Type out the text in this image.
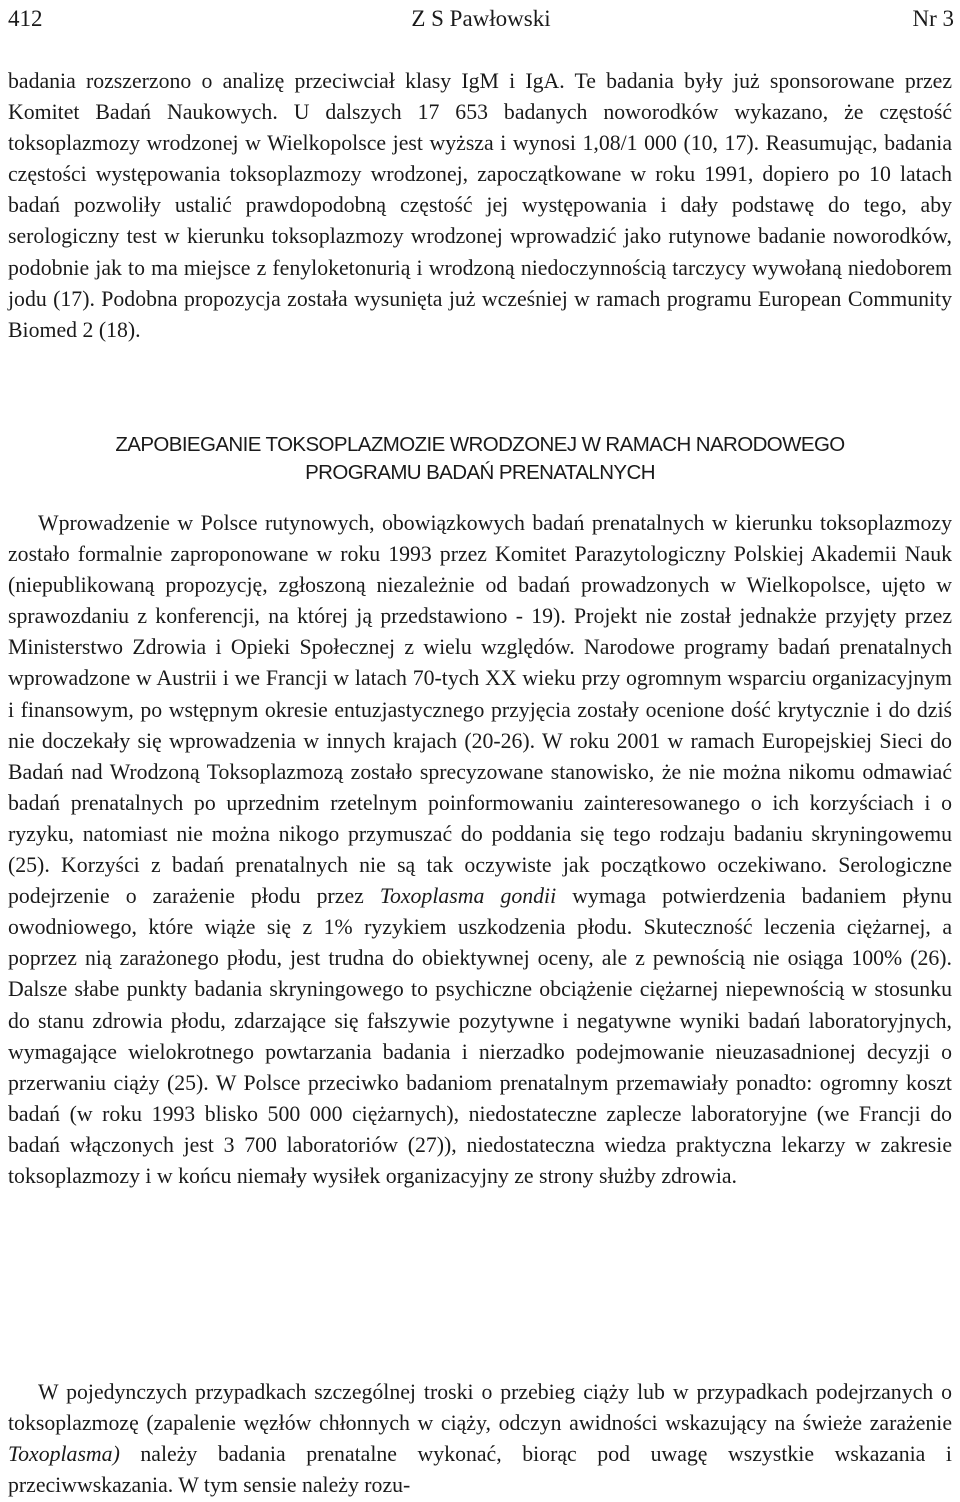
412	Z S Pawłowski	Nr 3

badania rozszerzono o analizę przeciwciał klasy IgM i IgA. Te badania były już sponsorowane przez Komitet Badań Naukowych. U dalszych 17 653 badanych noworodków wykazano, że częstość toksoplazmozy wrodzonej w Wielkopolsce jest wyższa i wynosi 1,08/1 000 (10, 17). Reasumując, badania częstości występowania toksoplazmozy wrodzonej, zapoczątkowane w roku 1991, dopiero po 10 latach badań pozwoliły ustalić prawdopodobną częstość jej występowania i dały podstawę do tego, aby serologiczny test w kierunku toksoplazmozy wrodzonej wprowadzić jako rutynowe badanie noworodków, podobnie jak to ma miejsce z fenyloketonurią i wrodzoną niedoczynnością tarczycy wywołaną niedoborem jodu (17). Podobna propozycja została wysunięta już wcześniej w ramach programu European Community Biomed 2 (18).

ZAPOBIEGANIE TOKSOPLAZMOZIE WRODZONEJ W RAMACH NARODOWEGO
PROGRAMU BADAŃ PRENATALNYCH

Wprowadzenie w Polsce rutynowych, obowiązkowych badań prenatalnych w kierunku toksoplazmozy zostało formalnie zaproponowane w roku 1993 przez Komitet Parazytologiczny Polskiej Akademii Nauk (niepublikowaną propozycję, zgłoszoną niezależnie od badań prowadzonych w Wielkopolsce, ujęto w sprawozdaniu z konferencji, na której ją przedstawiono - 19). Projekt nie został jednakże przyjęty przez Ministerstwo Zdrowia i Opieki Społecznej z wielu względów. Narodowe programy badań prenatalnych wprowadzone w Austrii i we Francji w latach 70-tych XX wieku przy ogromnym wsparciu organizacyjnym i finansowym, po wstępnym okresie entuzjastycznego przyjęcia zostały ocenione dość krytycznie i do dziś nie doczekały się wprowadzenia w innych krajach (20-26). W roku 2001 w ramach Europejskiej Sieci do Badań nad Wrodzoną Toksoplazmozą zostało sprecyzowane stanowisko, że nie można nikomu odmawiać badań prenatalnych po uprzednim rzetelnym poinformowaniu zainteresowanego o ich korzyściach i o ryzyku, natomiast nie można nikogo przymuszać do poddania się tego rodzaju badaniu skryningowemu (25). Korzyści z badań prenatalnych nie są tak oczywiste jak początkowo oczekiwano. Serologiczne podejrzenie o zarażenie płodu przez Toxoplasma gondii wymaga potwierdzenia badaniem płynu owodniowego, które wiąże się z 1% ryzykiem uszkodzenia płodu. Skuteczność leczenia ciężarnej, a poprzez nią zarażonego płodu, jest trudna do obiektywnej oceny, ale z pewnością nie osiąga 100% (26). Dalsze słabe punkty badania skryningowego to psychiczne obciążenie ciężarnej niepewnością w stosunku do stanu zdrowia płodu, zdarzające się fałszywie pozytywne i negatywne wyniki badań laboratoryjnych, wymagające wielokrotnego powtarzania badania i nierzadko podejmowanie nieuzasadnionej decyzji o przerwaniu ciąży (25). W Polsce przeciwko badaniom prenatalnym przemawiały ponadto: ogromny koszt badań (w roku 1993 blisko 500 000 ciężarnych), niedostateczne zaplecze laboratoryjne (we Francji do badań włączonych jest 3 700 laboratoriów (27)), niedostateczna wiedza praktyczna lekarzy w zakresie toksoplazmozy i w końcu niemały wysiłek organizacyjny ze strony służby zdrowia.

W pojedynczych przypadkach szczególnej troski o przebieg ciąży lub w przypadkach podejrzanych o toksoplazmozę (zapalenie węzłów chłonnych w ciąży, odczyn awidności wskazujący na świeże zarażenie Toxoplasma) należy badania prenatalne wykonać, biorąc pod uwagę wszystkie wskazania i przeciwwskazania. W tym sensie należy rozu-
